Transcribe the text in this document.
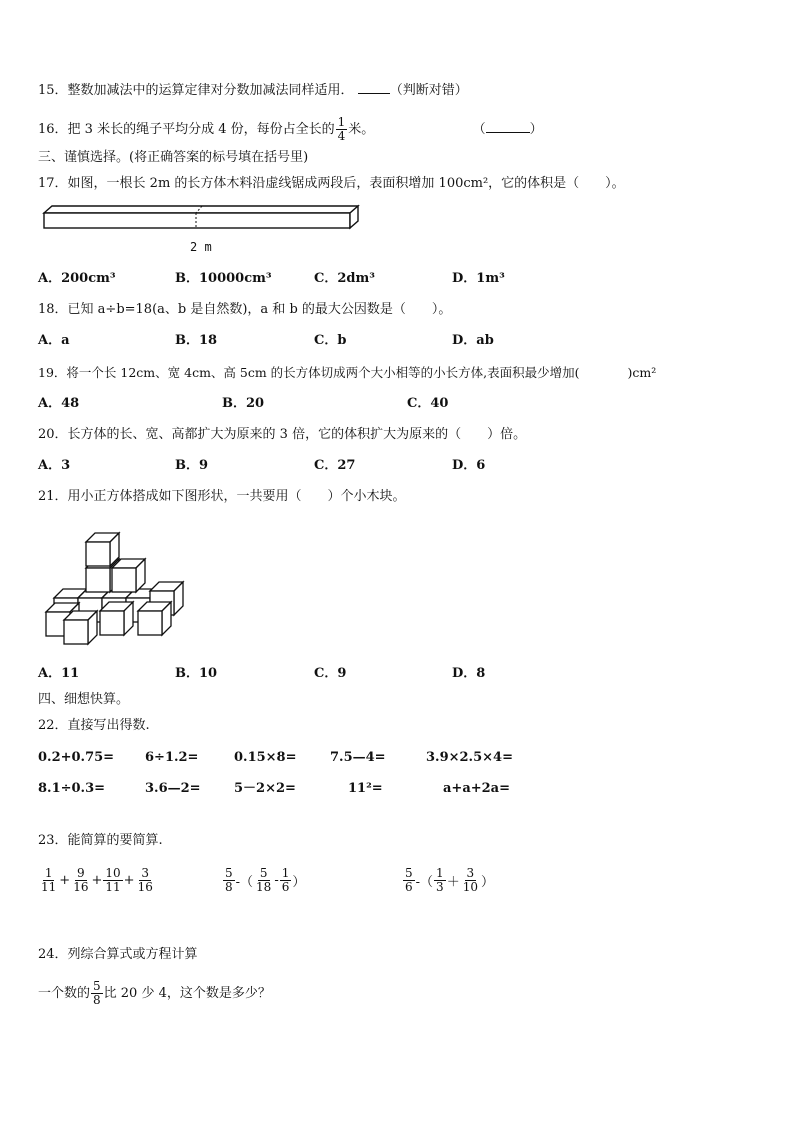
15．整数加减法中的运算定律对分数加减法同样适用．	（判断对错）
16．把 3 米长的绳子平均分成 4 份，每份占全长的 $\frac{1}{4}$ 米。	（	）
三、谨慎选择。(将正确答案的标号填在括号里)
17．如图，一根长 2m 的长方体木料沿虚线锯成两段后，表面积增加 100cm²，它的体积是（　　）。
2 m
A．200cm³	B．10000cm³	C．2dm³	D．1m³
18．已知 a÷b=18(a、b 是自然数)，a 和 b 的最大公因数是（　　）。
A．a	B．18	C．b	D．ab
19．将一个长 12cm、宽 4cm、高 5cm 的长方体切成两个大小相等的小长方体,表面积最少增加(	)cm²
A．48	B．20	C．40
20．长方体的长、宽、高都扩大为原来的 3 倍，它的体积扩大为原来的（　　）倍。
A．3	B．9	C．27	D．6
21．用小正方体搭成如下图形状，一共要用（　　）个小木块。
A．11	B．10	C．9	D．8
四、细想快算。
22．直接写出得数.
0.2+0.75= 6÷1.2=	0.15×8=	7.5—4=	3.9×2.5×4=
8.1÷0.3=	3.6—2=	5－2×2=	11²=	a+a+2a=
23．能简算的要简算.
$\frac{1}{11} + \frac{9}{16} + \frac{10}{11} + \frac{3}{16}$	$\frac{5}{8}$ -（ $\frac{5}{18} - \frac{1}{6}$ ）	$\frac{5}{6}$ -（ $\frac{1}{3} + \frac{3}{10}$ ）
24．列综合算式或方程计算
一个数的 $\frac{5}{8}$ 比 20 少 4，这个数是多少？
